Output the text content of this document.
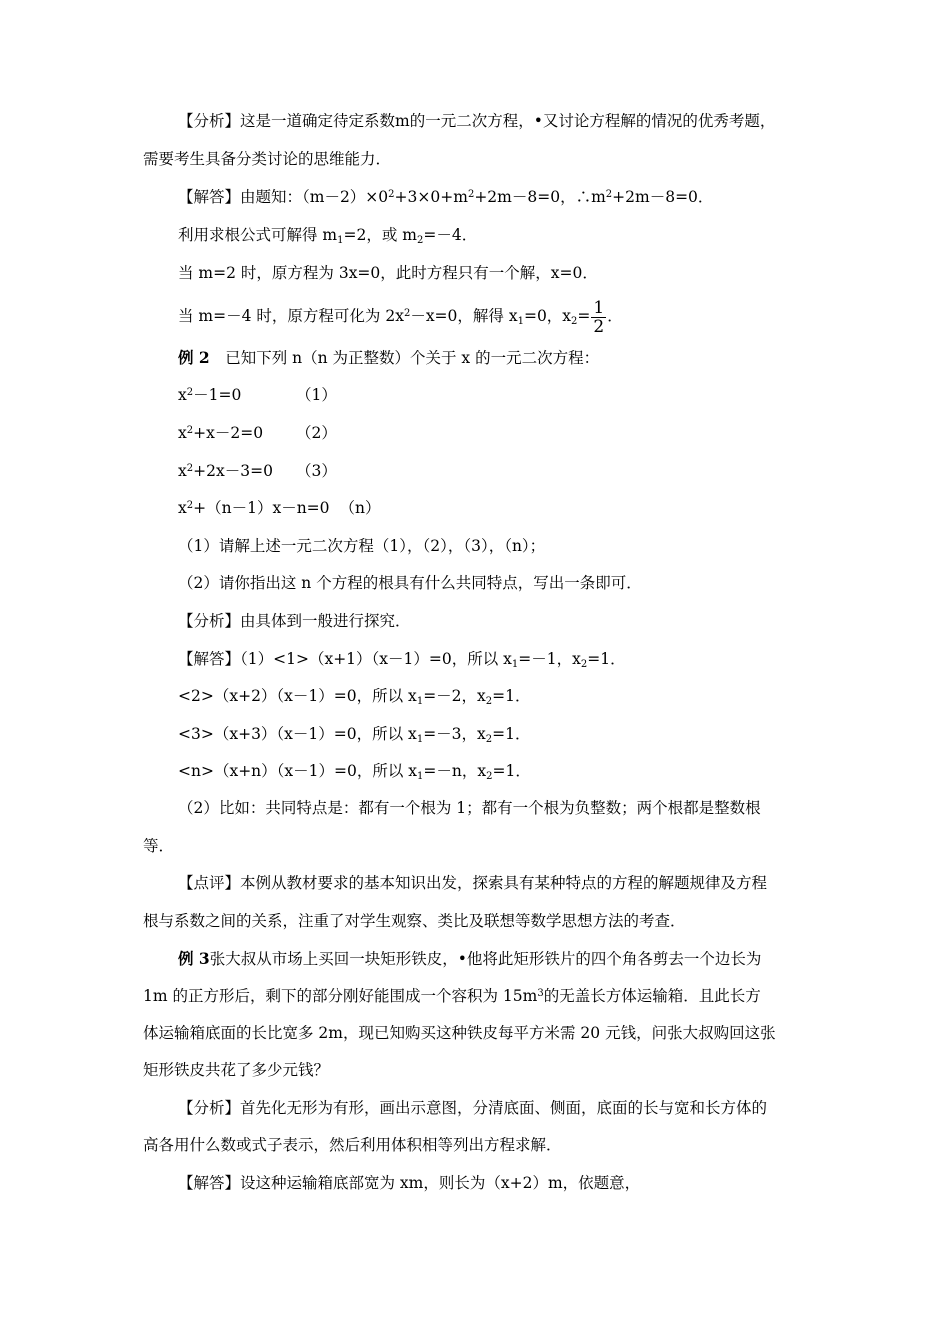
【分析】这是一道确定待定系数m的一元二次方程，•又讨论方程解的情况的优秀考题，
需要考生具备分类讨论的思维能力．
【解答】由题知：$(m-2)\times 0^2+3\times 0+m^2+2m-8=0$，$\therefore m^2+2m-8=0$．
利用求根公式可解得 $m_1=2$，或 $m_2=-4$．
当 m=2 时，原方程为 3x=0，此时方程只有一个解，x=0．
当 m=－4 时，原方程可化为 $2x^2-x=0$，解得 $x_1=0$，$x_2= \frac{1}{2}$ ．
例 2　已知下列 n（n 为正整数）个关于 x 的一元二次方程：
$x^2-1=0$	（1）
$x^2+x-2=0$ （2）
$x^2+2x-3=0$ （3）
$x^2+(n-1)x-n=0$ （n）
（1）请解上述一元二次方程（1），（2），（3），（n）；
（2）请你指出这 n 个方程的根具有什么共同特点，写出一条即可．
【分析】由具体到一般进行探究．
【解答】（1）<1>（x+1）（x－1）=0，所以 $x_1=-1$，$x_2=1$．
<2>（x+2）（x－1）=0，所以 $x_1=-2$，$x_2=1$．
<3>（x+3）（x－1）=0，所以 $x_1=-3$，$x_2=1$．
<n>（x+n）（x－1）=0，所以 $x_1=-n$，$x_2=1$．
（2）比如：共同特点是：都有一个根为 1；都有一个根为负整数；两个根都是整数根
等．
【点评】本例从教材要求的基本知识出发，探索具有某种特点的方程的解题规律及方程
根与系数之间的关系，注重了对学生观察、类比及联想等数学思想方法的考查．
例 3张大叔从市场上买回一块矩形铁皮，•他将此矩形铁片的四个角各剪去一个边长为
1m 的正方形后，剩下的部分刚好能围成一个容积为 $15m^3$的无盖长方体运输箱．且此长方
体运输箱底面的长比宽多 2m，现已知购买这种铁皮每平方米需 20 元钱，问张大叔购回这张
矩形铁皮共花了多少元钱？
【分析】首先化无形为有形，画出示意图，分清底面、侧面，底面的长与宽和长方体的
高各用什么数或式子表示，然后利用体积相等列出方程求解．
【解答】设这种运输箱底部宽为 xm，则长为（x+2）m，依题意，
